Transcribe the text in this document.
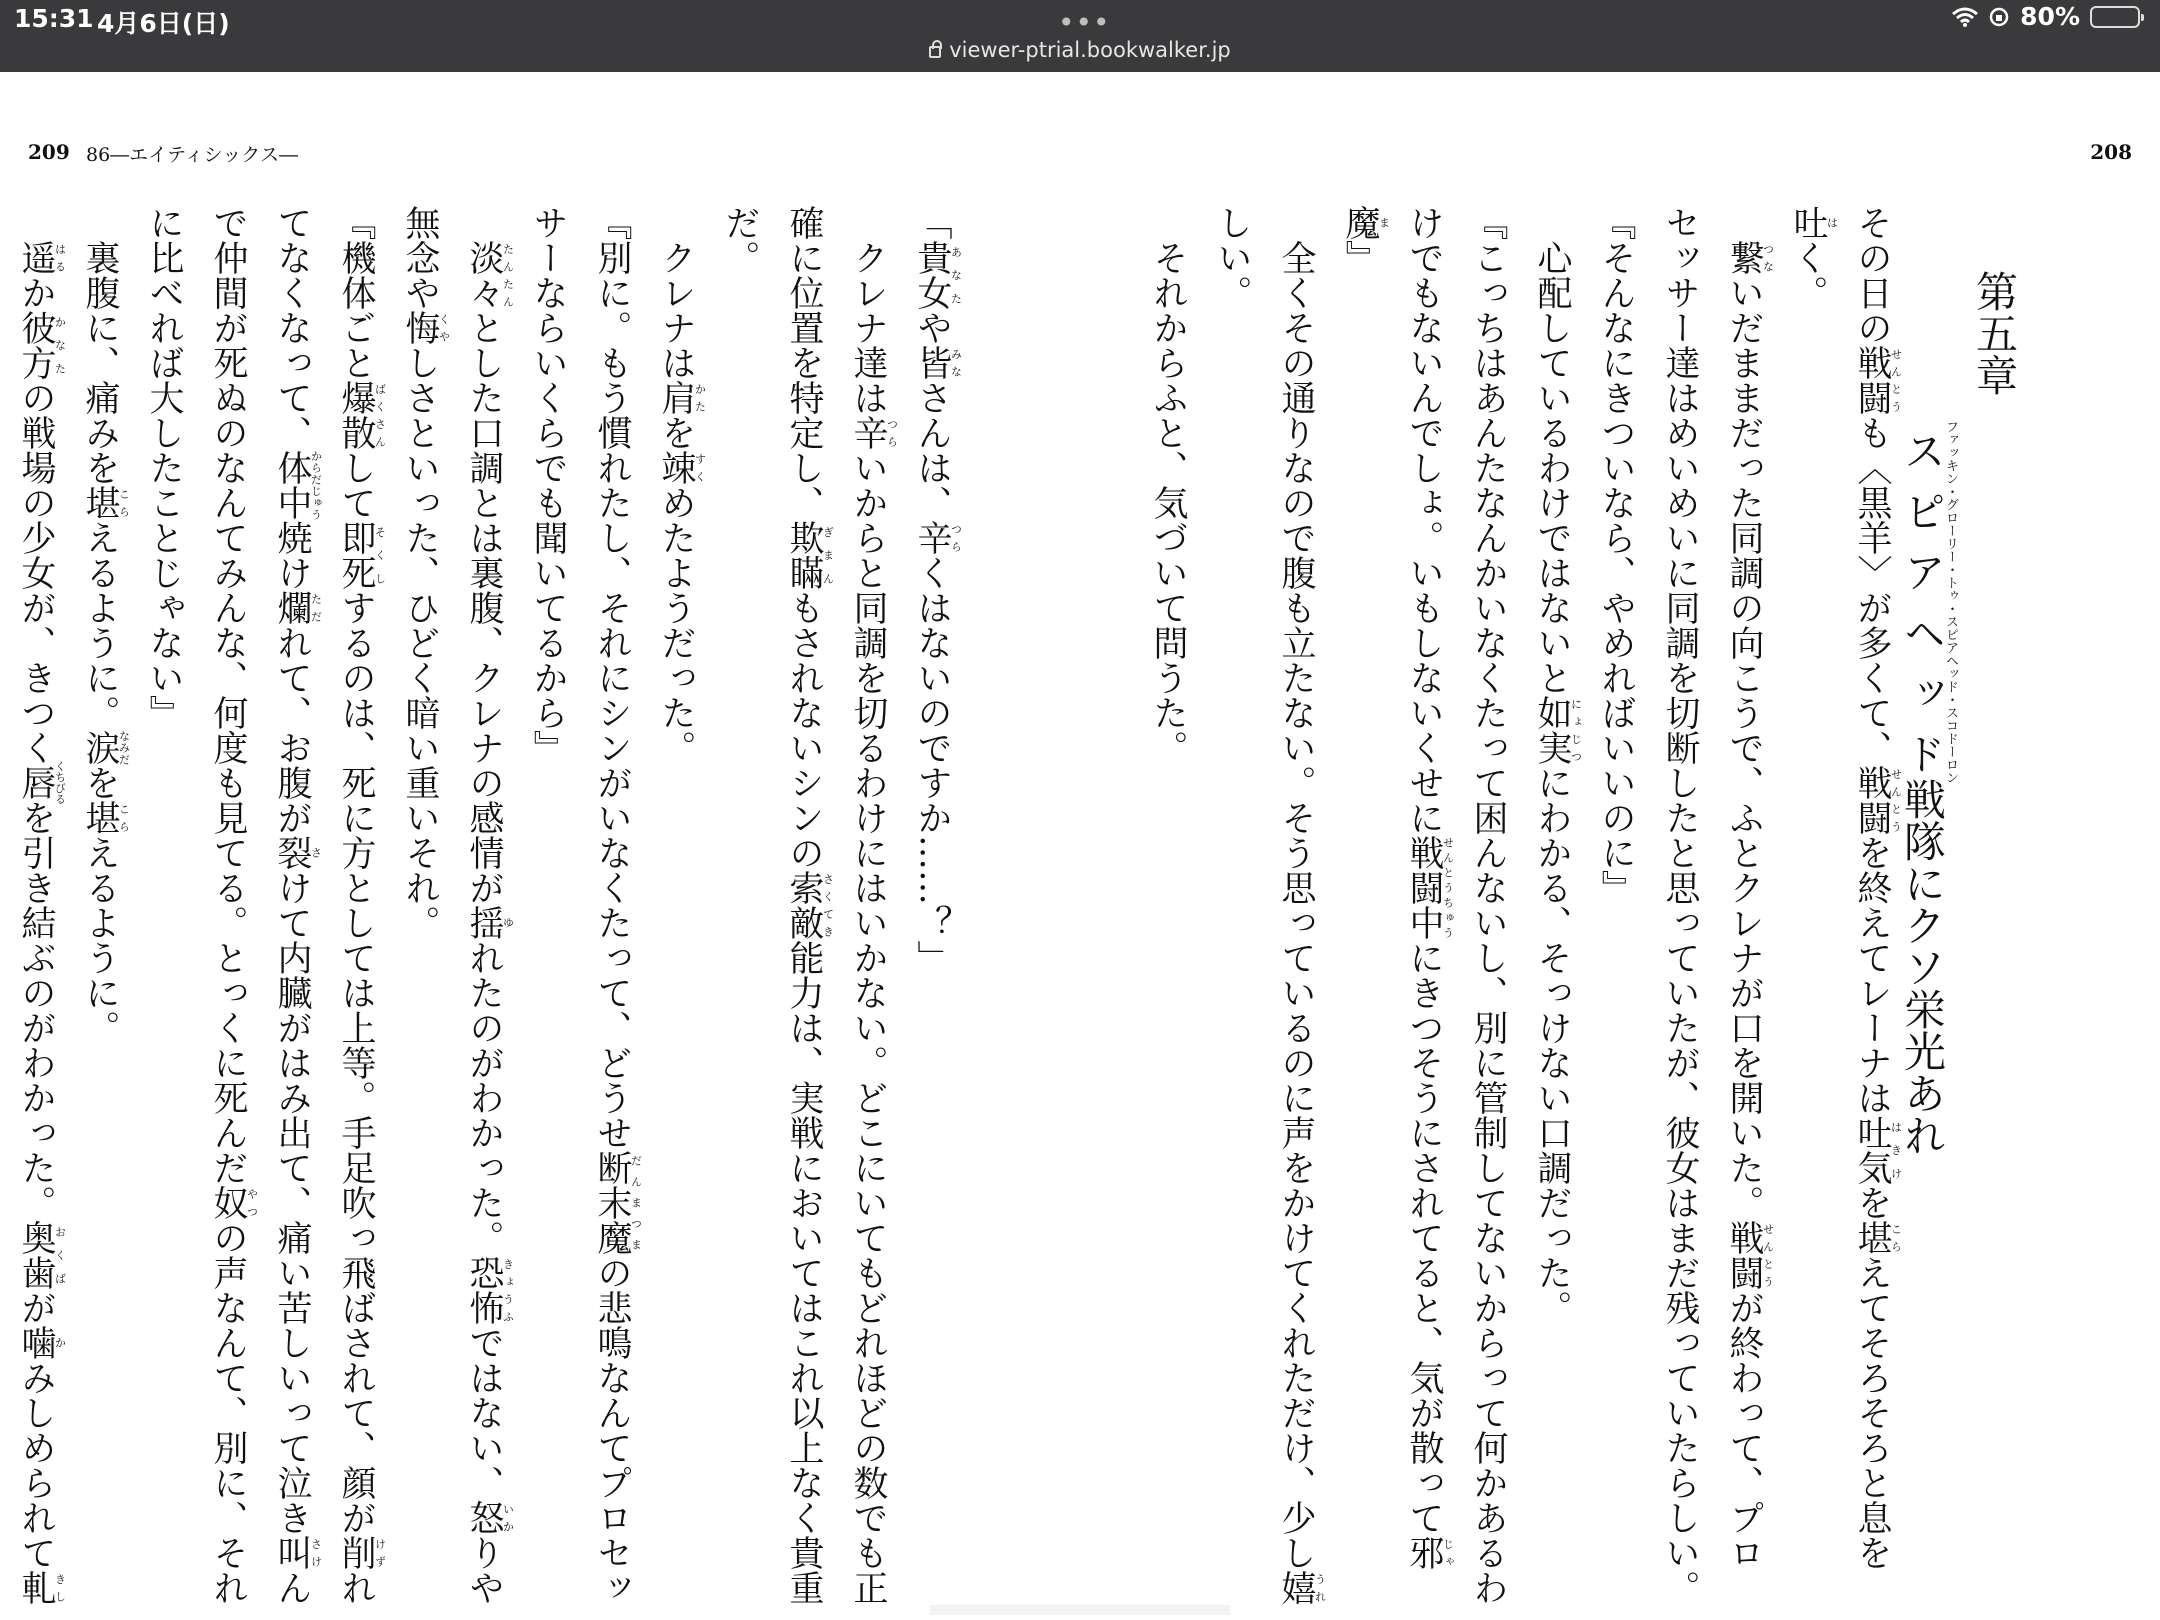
15:31 4月6日(日)	•••
viewer-ptrial.bookwalker.jp
80%
209 86―エイティシックス―	208
第五章
スピアヘッドファッキン・グローリー・トゥ・スピアヘッド・スコドーロン戦隊にクソ栄光あれ
その日の戦闘せんとうも〈黒羊〉が多くて、戦闘せんとうを終えてレーナは吐気はきけを堪こらえてそろそろと息を
吐はく。
　繋つないだままだった同調の向こうで、ふとクレナが口を開いた。戦闘せんとうが終わって、プロ
セッサー達はめいめいに同調を切断したと思っていたが、彼女はまだ残っていたらしい。
『そんなにきついなら、やめればいいのに』
　心配しているわけではないと如実にょじつにわかる、そっけない口調だった。
『こっちはあんたなんかいなくたって困んないし、別に管制してないからって何かあるわ
けでもないんでしょ。いもしないくせに戦闘中せんとうちゅうにきつそうにされてると、気が散って邪じゃ
魔ま』
　全くその通りなので腹も立たない。そう思っているのに声をかけてくれただけ、少し嬉うれ
しい。
　それからふと、気づいて問うた。
「貴女あなたや皆みなさんは、辛つらくはないのですか……？」
　クレナ達は辛つらいからと同調を切るわけにはいかない。どこにいてもどれほどの数でも正
確に位置を特定し、欺瞞ぎまんもされないシンの索敵さくてき能力は、実戦においてはこれ以上なく貴重
だ。
　クレナは肩かたを竦すくめたようだった。
『別に。もう慣れたし、それにシンがいなくたって、どうせ断末魔だんまつまの悲鳴なんてプロセッ
サーならいくらでも聞いてるから』
　淡々たんたんとした口調とは裏腹、クレナの感情が揺ゆれたのがわかった。恐怖きょうふではない、怒いかりや
無念や悔くやしさといった、ひどく暗い重いそれ。
『機体ごと爆散ばくさんして即死そくしするのは、死に方としては上等。手足吹っ飛ばされて、顔が削けずれ
てなくなって、体中からだじゅう焼け爛ただれて、お腹が裂さけて内臓がはみ出て、痛い苦しいって泣き叫さけん
で仲間が死ぬのなんてみんな、何度も見てる。とっくに死んだ奴やつの声なんて、別に、それ
に比べれば大したことじゃない』
　裏腹に、痛みを堪こらえるように。涙なみだを堪こらえるように。
　遥はるか彼方かなたの戦場の少女が、きつく唇くちびるを引き結ぶのがわかった。奥歯おくばが噛かみしめられて軋きし
